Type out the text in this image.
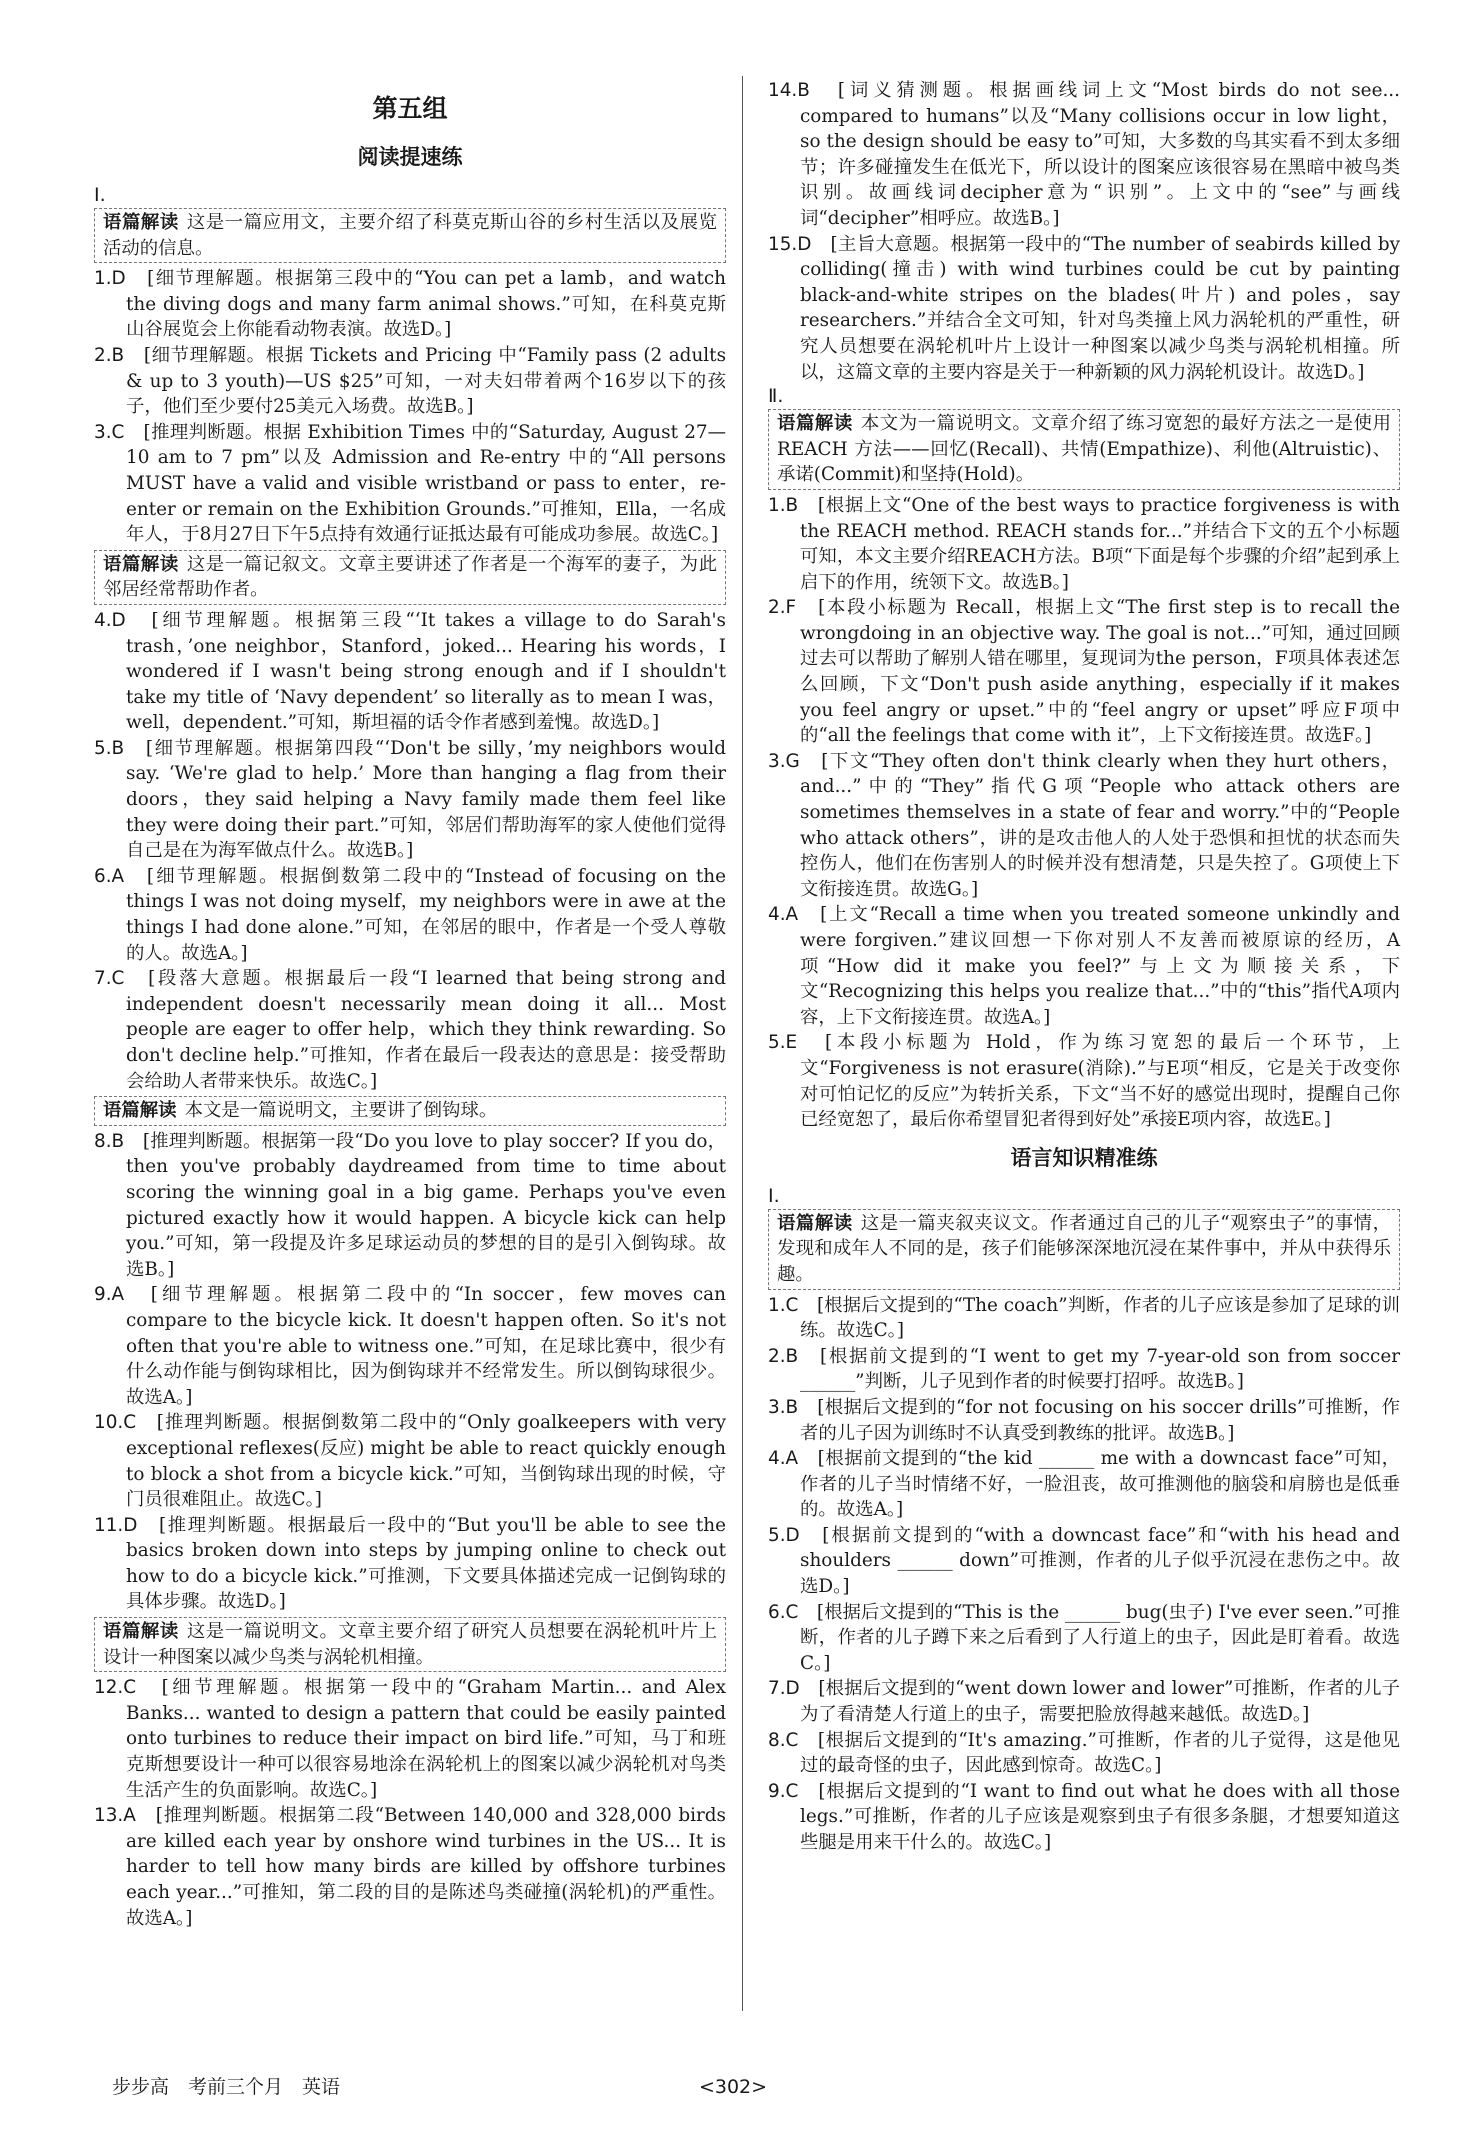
第五组
阅读提速练
Ⅰ.
语篇解读 这是一篇应用文，主要介绍了科莫克斯山谷的乡村生活以及展览活动的信息。
1.D　[细节理解题。根据第三段中的“You can pet a lamb，and watch the diving dogs and many farm animal shows.”可知，在科莫克斯山谷展览会上你能看动物表演。故选D。]
2.B　[细节理解题。根据 Tickets and Pricing 中“Family pass (2 adults & up to 3 youth)—US $25”可知，一对夫妇带着两个16岁以下的孩子，他们至少要付25美元入场费。故选B。]
3.C　[推理判断题。根据 Exhibition Times 中的“Saturday, August 27—10 am to 7 pm”以及 Admission and Re-entry 中的“All persons MUST have a valid and visible wristband or pass to enter，re-enter or remain on the Exhibition Grounds.”可推知，Ella，一名成年人，于8月27日下午5点持有效通行证抵达最有可能成功参展。故选C。]
语篇解读 这是一篇记叙文。文章主要讲述了作者是一个海军的妻子，为此邻居经常帮助作者。
4.D　[细节理解题。根据第三段“‘It takes a village to do Sarah's trash，’one neighbor，Stanford，joked... Hearing his words，I wondered if I wasn't being strong enough and if I shouldn't take my title of ‘Navy dependent’ so literally as to mean I was，well，dependent.”可知，斯坦福的话令作者感到羞愧。故选D。]
5.B　[细节理解题。根据第四段“‘Don't be silly，’my neighbors would say. ‘We're glad to help.’ More than hanging a flag from their doors，they said helping a Navy family made them feel like they were doing their part.”可知，邻居们帮助海军的家人使他们觉得自己是在为海军做点什么。故选B。]
6.A　[细节理解题。根据倒数第二段中的“Instead of focusing on the things I was not doing myself，my neighbors were in awe at the things I had done alone.”可知，在邻居的眼中，作者是一个受人尊敬的人。故选A。]
7.C　[段落大意题。根据最后一段“I learned that being strong and independent doesn't necessarily mean doing it all... Most people are eager to offer help，which they think rewarding. So don't decline help.”可推知，作者在最后一段表达的意思是：接受帮助会给助人者带来快乐。故选C。]
语篇解读 本文是一篇说明文，主要讲了倒钩球。
8.B　[推理判断题。根据第一段“Do you love to play soccer? If you do，then you've probably daydreamed from time to time about scoring the winning goal in a big game. Perhaps you've even pictured exactly how it would happen. A bicycle kick can help you.”可知，第一段提及许多足球运动员的梦想的目的是引入倒钩球。故选B。]
9.A　[细节理解题。根据第二段中的“In soccer，few moves can compare to the bicycle kick. It doesn't happen often. So it's not often that you're able to witness one.”可知，在足球比赛中，很少有什么动作能与倒钩球相比，因为倒钩球并不经常发生。所以倒钩球很少。故选A。]
10.C　[推理判断题。根据倒数第二段中的“Only goalkeepers with very exceptional reflexes(反应) might be able to react quickly enough to block a shot from a bicycle kick.”可知，当倒钩球出现的时候，守门员很难阻止。故选C。]
11.D　[推理判断题。根据最后一段中的“But you'll be able to see the basics broken down into steps by jumping online to check out how to do a bicycle kick.”可推测，下文要具体描述完成一记倒钩球的具体步骤。故选D。]
语篇解读 这是一篇说明文。文章主要介绍了研究人员想要在涡轮机叶片上设计一种图案以减少鸟类与涡轮机相撞。
12.C　[细节理解题。根据第一段中的“Graham Martin... and Alex Banks... wanted to design a pattern that could be easily painted onto turbines to reduce their impact on bird life.”可知，马丁和班克斯想要设计一种可以很容易地涂在涡轮机上的图案以减少涡轮机对鸟类生活产生的负面影响。故选C。]
13.A　[推理判断题。根据第二段“Between 140,000 and 328,000 birds are killed each year by onshore wind turbines in the US... It is harder to tell how many birds are killed by offshore turbines each year...”可推知，第二段的目的是陈述鸟类碰撞(涡轮机)的严重性。故选A。]
14.B　[词义猜测题。根据画线词上文“Most birds do not see... compared to humans”以及“Many collisions occur in low light，so the design should be easy to”可知，大多数的鸟其实看不到太多细节；许多碰撞发生在低光下，所以设计的图案应该很容易在黑暗中被鸟类识别。故画线词decipher意为“识别”。上文中的“see”与画线词“decipher”相呼应。故选B。]
15.D　[主旨大意题。根据第一段中的“The number of seabirds killed by colliding(撞击) with wind turbines could be cut by painting black-and-white stripes on the blades(叶片) and poles，say researchers.”并结合全文可知，针对鸟类撞上风力涡轮机的严重性，研究人员想要在涡轮机叶片上设计一种图案以减少鸟类与涡轮机相撞。所以，这篇文章的主要内容是关于一种新颖的风力涡轮机设计。故选D。]
Ⅱ.
语篇解读 本文为一篇说明文。文章介绍了练习宽恕的最好方法之一是使用 REACH 方法——回忆(Recall)、共情(Empathize)、利他(Altruistic)、承诺(Commit)和坚持(Hold)。
1.B　[根据上文“One of the best ways to practice forgiveness is with the REACH method. REACH stands for...”并结合下文的五个小标题可知，本文主要介绍REACH方法。B项“下面是每个步骤的介绍”起到承上启下的作用，统领下文。故选B。]
2.F　[本段小标题为 Recall，根据上文“The first step is to recall the wrongdoing in an objective way. The goal is not...”可知，通过回顾过去可以帮助了解别人错在哪里，复现词为the person，F项具体表述怎么回顾，下文“Don't push aside anything，especially if it makes you feel angry or upset.”中的“feel angry or upset”呼应F项中的“all the feelings that come with it”，上下文衔接连贯。故选F。]
3.G　[下文“They often don't think clearly when they hurt others，and...”中的“They”指代G项“People who attack others are sometimes themselves in a state of fear and worry.”中的“People who attack others”，讲的是攻击他人的人处于恐惧和担忧的状态而失控伤人，他们在伤害别人的时候并没有想清楚，只是失控了。G项使上下文衔接连贯。故选G。]
4.A　[上文“Recall a time when you treated someone unkindly and were forgiven.”建议回想一下你对别人不友善而被原谅的经历，A项“How did it make you feel?”与上文为顺接关系，下文“Recognizing this helps you realize that...”中的“this”指代A项内容，上下文衔接连贯。故选A。]
5.E　[本段小标题为 Hold，作为练习宽恕的最后一个环节，上文“Forgiveness is not erasure(消除).”与E项“相反，它是关于改变你对可怕记忆的反应”为转折关系，下文“当不好的感觉出现时，提醒自己你已经宽恕了，最后你希望冒犯者得到好处”承接E项内容，故选E。]
语言知识精准练
Ⅰ.
语篇解读 这是一篇夹叙夹议文。作者通过自己的儿子“观察虫子”的事情，发现和成年人不同的是，孩子们能够深深地沉浸在某件事中，并从中获得乐趣。
1.C　[根据后文提到的“The coach”判断，作者的儿子应该是参加了足球的训练。故选C。]
2.B　[根据前文提到的“I went to get my 7-year-old son from soccer ______”判断，儿子见到作者的时候要打招呼。故选B。]
3.B　[根据后文提到的“for not focusing on his soccer drills”可推断，作者的儿子因为训练时不认真受到教练的批评。故选B。]
4.A　[根据前文提到的“the kid ______ me with a downcast face”可知，作者的儿子当时情绪不好，一脸沮丧，故可推测他的脑袋和肩膀也是低垂的。故选A。]
5.D　[根据前文提到的“with a downcast face”和“with his head and shoulders ______ down”可推测，作者的儿子似乎沉浸在悲伤之中。故选D。]
6.C　[根据后文提到的“This is the ______ bug(虫子) I've ever seen.”可推断，作者的儿子蹲下来之后看到了人行道上的虫子，因此是盯着看。故选C。]
7.D　[根据后文提到的“went down lower and lower”可推断，作者的儿子为了看清楚人行道上的虫子，需要把脸放得越来越低。故选D。]
8.C　[根据后文提到的“It's amazing.”可推断，作者的儿子觉得，这是他见过的最奇怪的虫子，因此感到惊奇。故选C。]
9.C　[根据后文提到的“I want to find out what he does with all those legs.”可推断，作者的儿子应该是观察到虫子有很多条腿，才想要知道这些腿是用来干什么的。故选C。]
步步高　考前三个月　英语	<302>
